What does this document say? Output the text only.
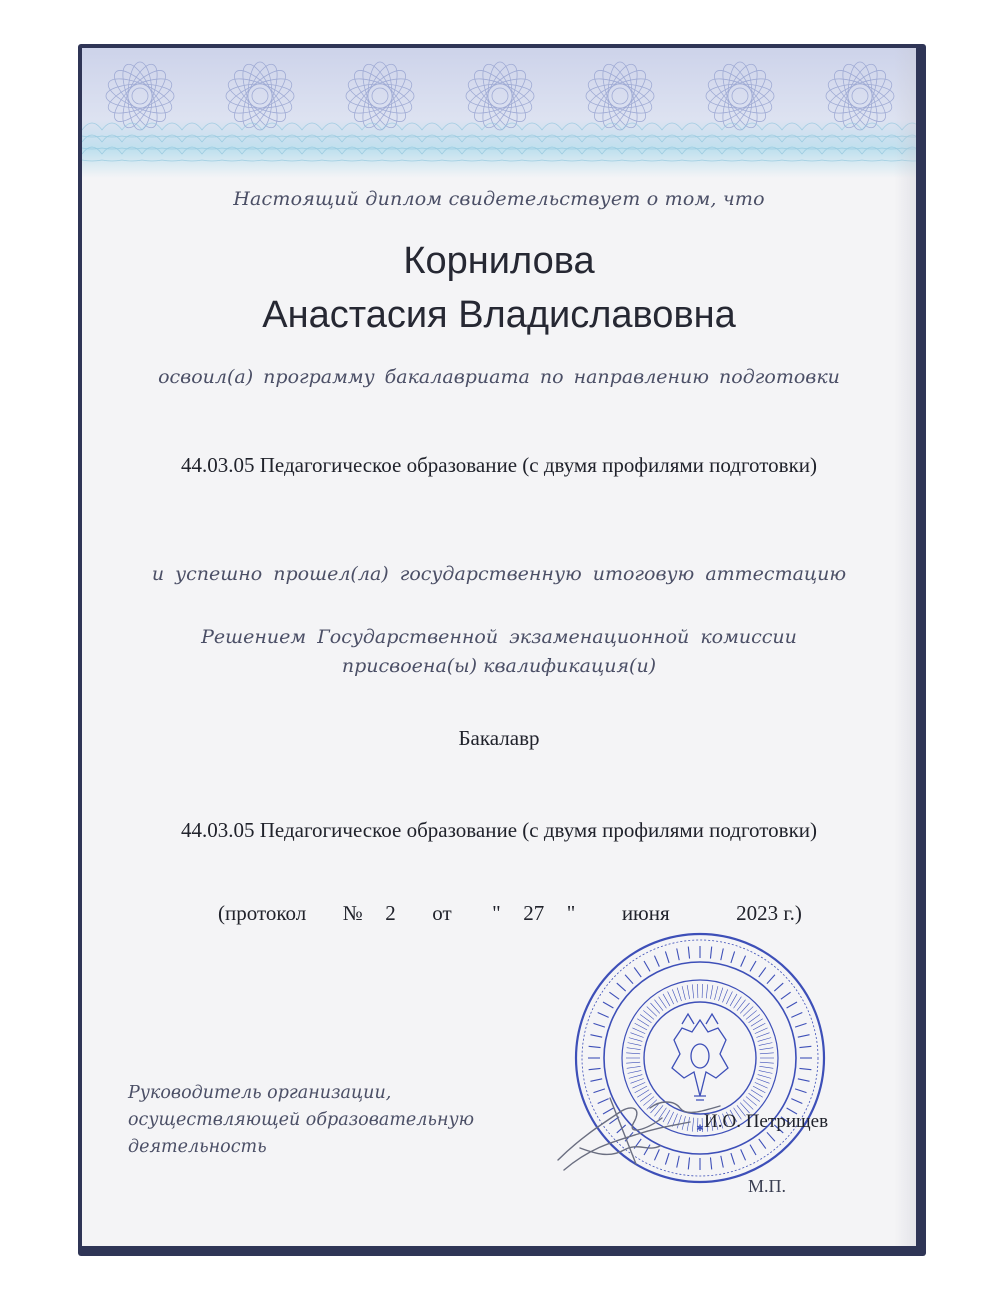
Настоящий диплом свидетельствует о том, что
Корнилова
Анастасия Владиславовна
освоил(а) программу бакалавриата по направлению подготовки
44.03.05 Педагогическое образование (с двумя профилями подготовки)
и успешно прошел(ла) государственную итоговую аттестацию
Решением Государственной экзаменационной комиссии
присвоена(ы) квалификация(и)
Бакалавр
44.03.05 Педагогическое образование (с двумя профилями подготовки)
(протокол № 2 от " 27 " июня	2023 г.)
✱
Руководитель организации,
осуществляющей образовательную
деятельность
И.О. Петрищев
М.П.
